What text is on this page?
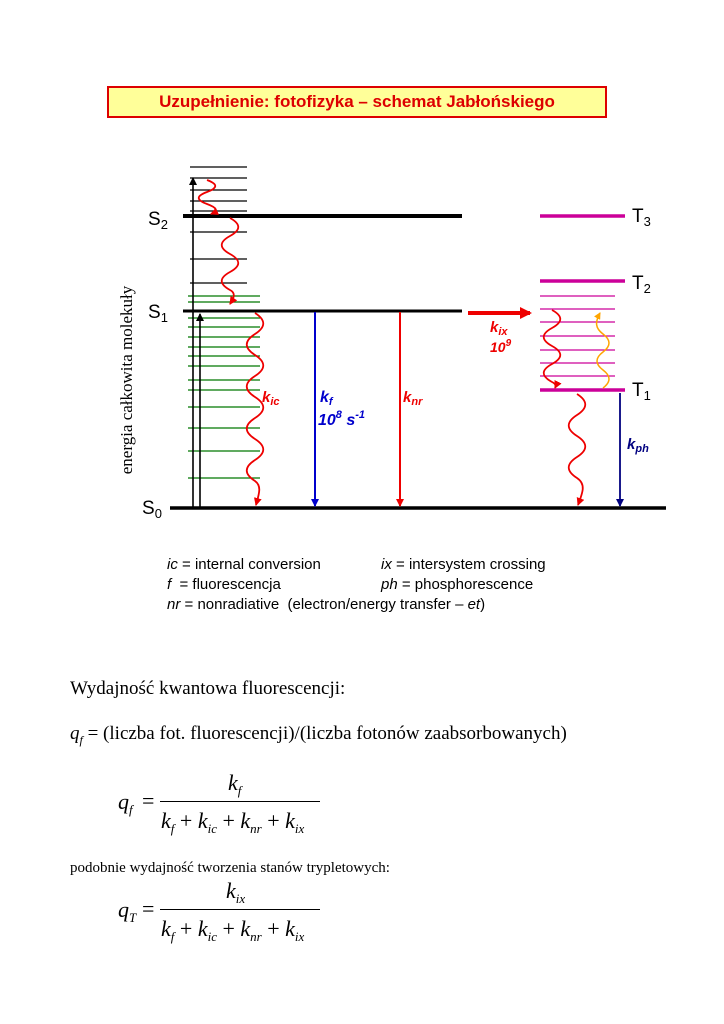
Uzupełnienie: fotofizyka – schemat Jabłońskiego
energia całkowita molekuły
$S_2$
$S_1$
$S_0$
$T_3$
$T_2$
$T_1$
$k_{ic}$	kf
$10^8$ $s^{-1}$
$k_{nr}$
$k_{ix}$
$10^9$
$k_{ph}$
ic = internal conversion	ix = intersystem crossing
f  = fluorescencja	ph = phosphorescence
nr = nonradiative  (electron/energy transfer – et)
Wydajność kwantowa fluorescencji:
$q_f$ = (liczba fot. fluorescencji)/(liczba fotonów zaabsorbowanych)
$q_f$ =
$k_f$
$k_f + k_{ic} + k_{nr} + k_{ix}$
podobnie wydajność tworzenia stanów trypletowych:
$q_T$ =
$k_{ix}$
$k_f + k_{ic} + k_{nr} + k_{ix}$
